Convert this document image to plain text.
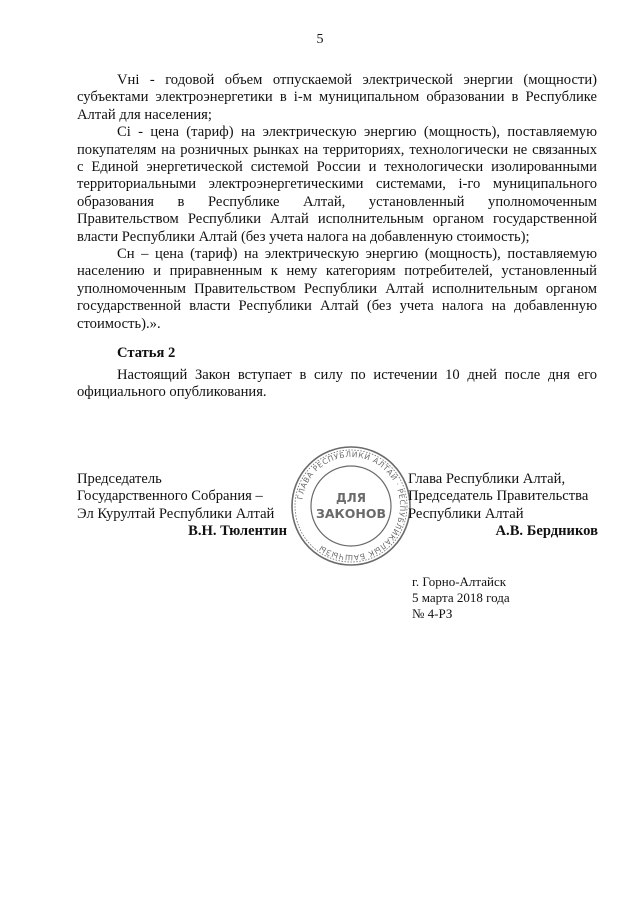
5

Vнi - годовой объем отпускаемой электрической энергии (мощности) субъектами электроэнергетики в i-м муниципальном образовании в Республике Алтай для населения;

Ci - цена (тариф) на электрическую энергию (мощность), поставляемую покупателям на розничных рынках на территориях, технологически не связанных с Единой энергетической системой России и технологически изолированными территориальными электроэнергетическими системами, i-го муниципального образования в Республике Алтай, установленный уполномоченным Правительством Республики Алтай исполнительным органом государственной власти Республики Алтай (без учета налога на добавленную стоимость);

Cн – цена (тариф) на электрическую энергию (мощность), поставляемую населению и приравненным к нему категориям потребителей, установленный уполномоченным Правительством Республики Алтай исполнительным органом государственной власти Республики Алтай (без учета налога на добавленную стоимость).».

Статья 2

Настоящий Закон вступает в силу по истечении 10 дней после дня его официального опубликования.

Председатель
Государственного Собрания –
Эл Курултай Республики Алтай
В.Н. Тюлентин
ГЛАВА РЕСПУБЛИКИ АЛТАЙ · РЕСПУБЛИКАЛЫК БАШЧЫЗЫ
ДЛЯ
ЗАКОНОВ
Глава Республики Алтай,
Председатель Правительства
Республики Алтай
А.В. Бердников
г. Горно-Алтайск
5 марта 2018 года
№ 4-РЗ
